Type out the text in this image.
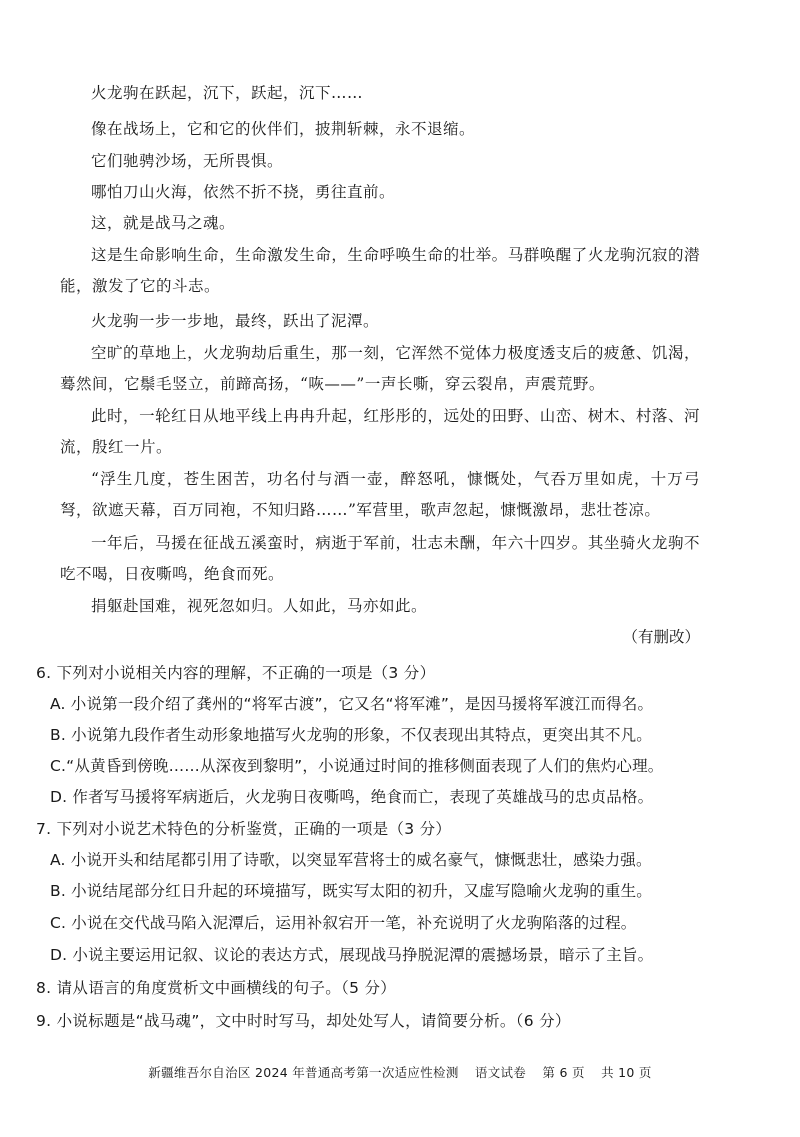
火龙驹在跃起，沉下，跃起，沉下……

像在战场上，它和它的伙伴们，披荆斩棘，永不退缩。

它们驰骋沙场，无所畏惧。

哪怕刀山火海，依然不折不挠，勇往直前。

这，就是战马之魂。

这是生命影响生命，生命激发生命，生命呼唤生命的壮举。马群唤醒了火龙驹沉寂的潜能，激发了它的斗志。

火龙驹一步一步地，最终，跃出了泥潭。

空旷的草地上，火龙驹劫后重生，那一刻，它浑然不觉体力极度透支后的疲惫、饥渴，蓦然间，它鬃毛竖立，前蹄高扬，“咴——”一声长嘶，穿云裂帛，声震荒野。

此时，一轮红日从地平线上冉冉升起，红彤彤的，远处的田野、山峦、树木、村落、河流，殷红一片。

“浮生几度，苍生困苦，功名付与酒一壶，醉怒吼，慷慨处，气吞万里如虎，十万弓弩，欲遮天幕，百万同袍，不知归路……”军营里，歌声忽起，慷慨激昂，悲壮苍凉。

一年后，马援在征战五溪蛮时，病逝于军前，壮志未酬，年六十四岁。其坐骑火龙驹不吃不喝，日夜嘶鸣，绝食而死。

捐躯赴国难，视死忽如归。人如此，马亦如此。

（有删改）

6. 下列对小说相关内容的理解，不正确的一项是（3 分）

A. 小说第一段介绍了龚州的“将军古渡”，它又名“将军滩”，是因马援将军渡江而得名。

B. 小说第九段作者生动形象地描写火龙驹的形象，不仅表现出其特点，更突出其不凡。

C.“从黄昏到傍晚……从深夜到黎明”，小说通过时间的推移侧面表现了人们的焦灼心理。

D. 作者写马援将军病逝后，火龙驹日夜嘶鸣，绝食而亡，表现了英雄战马的忠贞品格。

7. 下列对小说艺术特色的分析鉴赏，正确的一项是（3 分）

A. 小说开头和结尾都引用了诗歌，以突显军营将士的威名豪气，慷慨悲壮，感染力强。

B. 小说结尾部分红日升起的环境描写，既实写太阳的初升，又虚写隐喻火龙驹的重生。

C. 小说在交代战马陷入泥潭后，运用补叙宕开一笔，补充说明了火龙驹陷落的过程。

D. 小说主要运用记叙、议论的表达方式，展现战马挣脱泥潭的震撼场景，暗示了主旨。

8. 请从语言的角度赏析文中画横线的句子。（5 分）

9. 小说标题是“战马魂”，文中时时写马，却处处写人，请简要分析。（6 分）

新疆维吾尔自治区 2024 年普通高考第一次适应性检测 语文试卷 第 6 页 共 10 页
